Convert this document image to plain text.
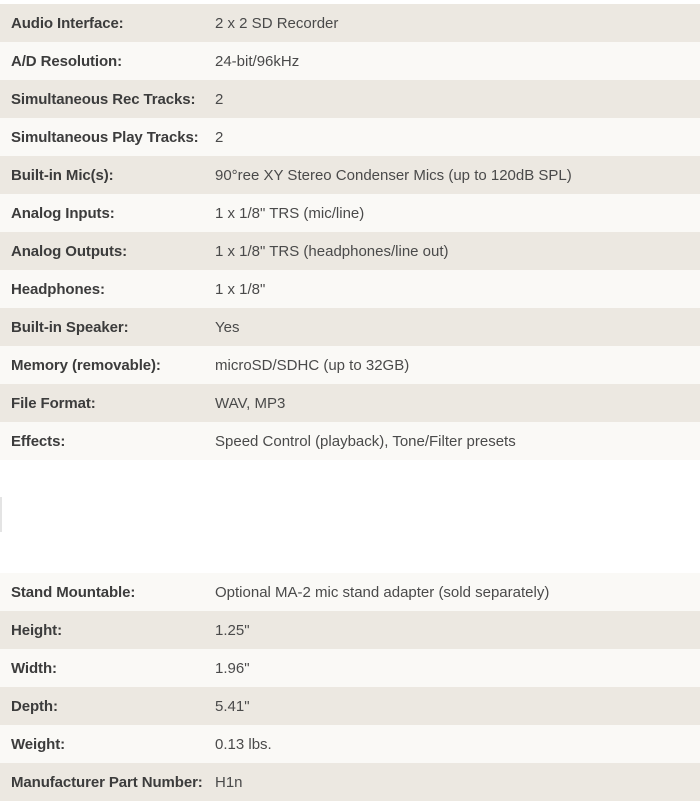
Audio Interface:	2 x 2 SD Recorder
A/D Resolution:	24-bit/96kHz
Simultaneous Rec Tracks:	2
Simultaneous Play Tracks:	2
Built-in Mic(s):	90°ree XY Stereo Condenser Mics (up to 120dB SPL)
Analog Inputs:	1 x 1/8" TRS (mic/line)
Analog Outputs:	1 x 1/8" TRS (headphones/line out)
Headphones:	1 x 1/8"
Built-in Speaker:	Yes
Memory (removable):	microSD/SDHC (up to 32GB)
File Format:	WAV, MP3
Effects:	Speed Control (playback), Tone/Filter presets
Stand Mountable:	Optional MA-2 mic stand adapter (sold separately)
Height:	1.25"
Width:	1.96"
Depth:	5.41"
Weight:	0.13 lbs.
Manufacturer Part Number: H1n
